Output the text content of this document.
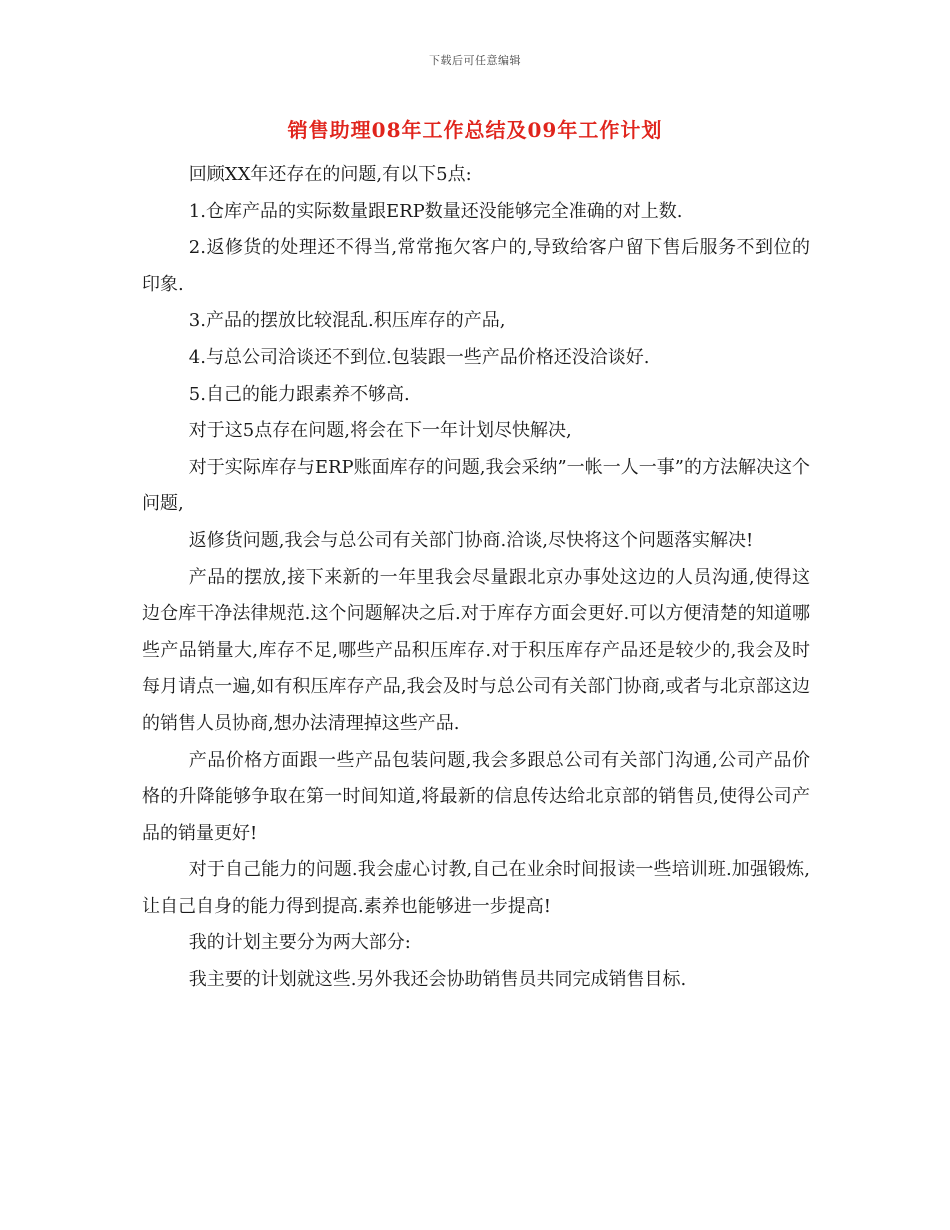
下载后可任意编辑
销售助理08年工作总结及09年工作计划

回顾XX年还存在的问题,有以下5点:

1.仓库产品的实际数量跟ERP数量还没能够完全准确的对上数.

2.返修货的处理还不得当,常常拖欠客户的,导致给客户留下售后服务不到位的印象.

3.产品的摆放比较混乱.积压库存的产品,

4.与总公司洽谈还不到位.包装跟一些产品价格还没洽谈好.

5.自己的能力跟素养不够高.

对于这5点存在问题,将会在下一年计划尽快解决,

对于实际库存与ERP账面库存的问题,我会采纳”一帐一人一事”的方法解决这个问题,

返修货问题,我会与总公司有关部门协商.洽谈,尽快将这个问题落实解决!

产品的摆放,接下来新的一年里我会尽量跟北京办事处这边的人员沟通,使得这边仓库干净法律规范.这个问题解决之后.对于库存方面会更好.可以方便清楚的知道哪些产品销量大,库存不足,哪些产品积压库存.对于积压库存产品还是较少的,我会及时每月请点一遍,如有积压库存产品,我会及时与总公司有关部门协商,或者与北京部这边的销售人员协商,想办法清理掉这些产品.

产品价格方面跟一些产品包装问题,我会多跟总公司有关部门沟通,公司产品价格的升降能够争取在第一时间知道,将最新的信息传达给北京部的销售员,使得公司产品的销量更好!

对于自己能力的问题.我会虚心讨教,自己在业余时间报读一些培训班.加强锻炼,让自己自身的能力得到提高.素养也能够进一步提高!

我的计划主要分为两大部分:

我主要的计划就这些.另外我还会协助销售员共同完成销售目标.
